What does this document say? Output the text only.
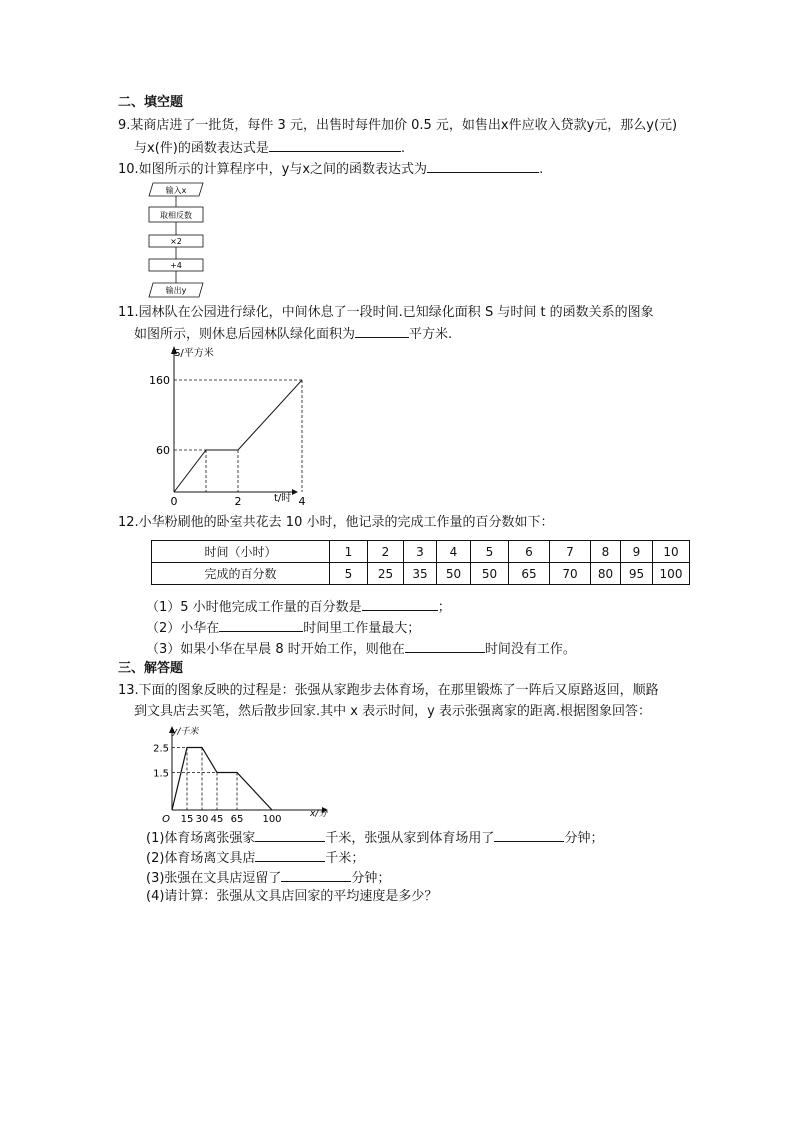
二、填空题
9.某商店进了一批货，每件 3 元，出售时每件加价 0.5 元，如售出x件应收入贷款y元，那么y(元)
与x(件)的函数表达式是	.
10.如图所示的计算程序中，y与x之间的函数表达式为	.
输入x
取相反数
×2
+4
输出y
11.园林队在公园进行绿化，中间休息了一段时间.已知绿化面积 S 与时间 t 的函数关系的图象
如图所示，则休息后园林队绿化面积为	平方米.
0	2	4
60
160
S/平方米
t/时
12.小华粉刷他的卧室共花去 10 小时，他记录的完成工作量的百分数如下：
时间（小时）	1	2	3	4	5	6	7	8	9	10
完成的百分数	5	25	35	50	50	65	70	80	95	100
（1）5 小时他完成工作量的百分数是	；
（2）小华在	时间里工作量最大；
（3）如果小华在早晨 8 时开始工作，则他在	时间没有工作。
三、解答题
13.下面的图象反映的过程是：张强从家跑步去体育场，在那里锻炼了一阵后又原路返回，顺路
到文具店去买笔，然后散步回家.其中 x 表示时间，y 表示张强离家的距离.根据图象回答：
O 15 30 45 65 100
1.5
2.5
y/千米
x/分
(1)体育场离张强家	千米，张强从家到体育场用了	分钟；
(2)体育场离文具店	千米；
(3)张强在文具店逗留了	分钟；
(4)请计算：张强从文具店回家的平均速度是多少？
